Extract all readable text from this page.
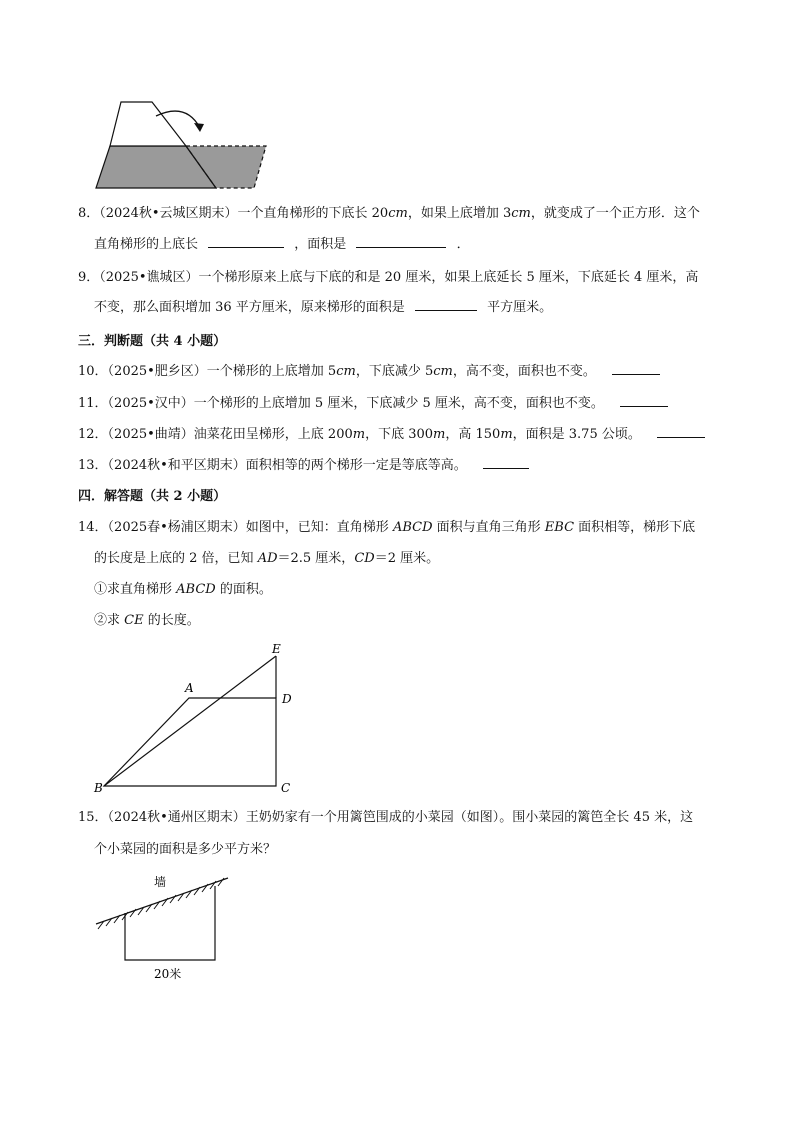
8．（2024秋•云城区期末）一个直角梯形的下底长 20cm，如果上底增加 3cm，就变成了一个正方形．这个
直角梯形的上底长	，面积是	．
9．（2025•谯城区）一个梯形原来上底与下底的和是 20 厘米，如果上底延长 5 厘米，下底延长 4 厘米，高
不变，那么面积增加 36 平方厘米，原来梯形的面积是	平方厘米。
三．判断题（共 4 小题）
10．（2025•肥乡区）一个梯形的上底增加 5cm，下底减少 5cm，高不变，面积也不变。
11．（2025•汉中）一个梯形的上底增加 5 厘米，下底减少 5 厘米，高不变，面积也不变。
12．（2025•曲靖）油菜花田呈梯形，上底 200m，下底 300m，高 150m，面积是 3.75 公顷。
13．（2024秋•和平区期末）面积相等的两个梯形一定是等底等高。
四．解答题（共 2 小题）
14．（2025春•杨浦区期末）如图中，已知：直角梯形 ABCD 面积与直角三角形 EBC 面积相等，梯形下底
的长度是上底的 2 倍，已知 AD＝2.5 厘米，CD＝2 厘米。
①求直角梯形 ABCD 的面积。
②求 CE 的长度。
E
A
D
B	C
15．（2024秋•通州区期末）王奶奶家有一个用篱笆围成的小菜园（如图）。围小菜园的篱笆全长 45 米，这
个小菜园的面积是多少平方米？
墙
20米
